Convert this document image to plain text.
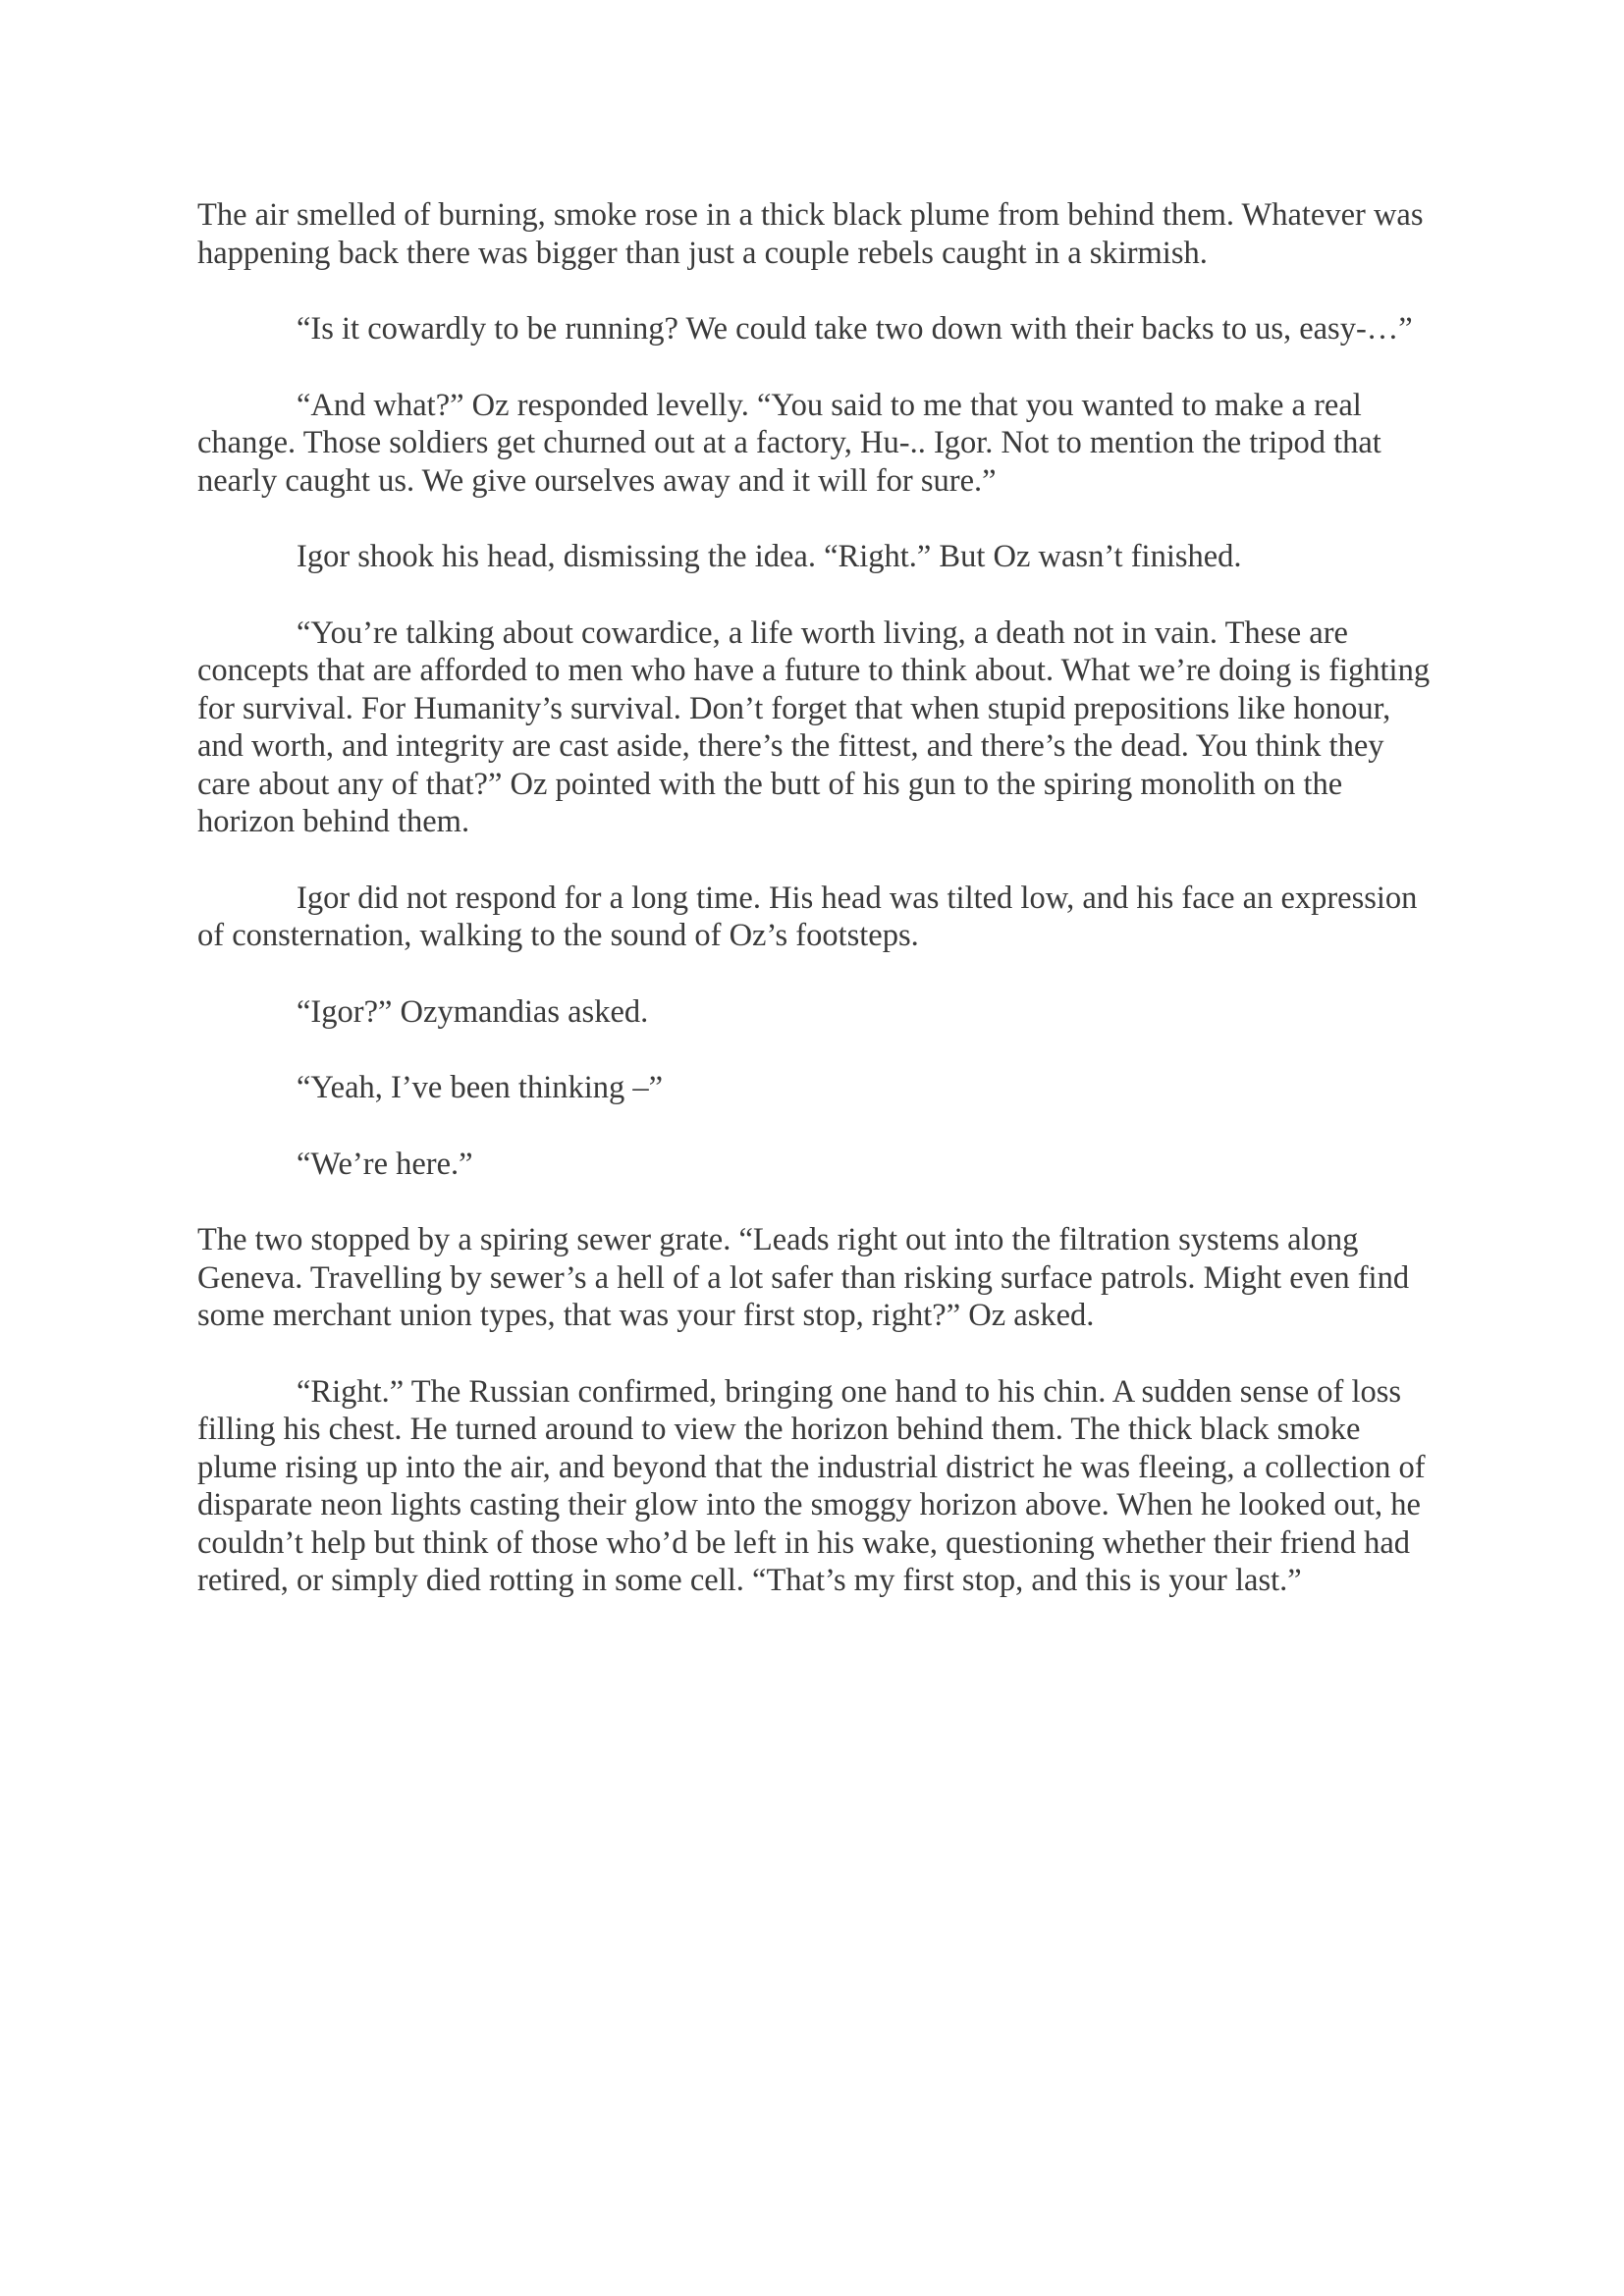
The air smelled of burning, smoke rose in a thick black plume from behind them. Whatever was happening back there was bigger than just a couple rebels caught in a skirmish.

“Is it cowardly to be running? We could take two down with their backs to us, easy-…”

“And what?” Oz responded levelly. “You said to me that you wanted to make a real change. Those soldiers get churned out at a factory, Hu-.. Igor. Not to mention the tripod that nearly caught us. We give ourselves away and it will for sure.”

Igor shook his head, dismissing the idea. “Right.” But Oz wasn’t finished.

“You’re talking about cowardice, a life worth living, a death not in vain. These are concepts that are afforded to men who have a future to think about. What we’re doing is fighting for survival. For Humanity’s survival. Don’t forget that when stupid prepositions like honour, and worth, and integrity are cast aside, there’s the fittest, and there’s the dead. You think they care about any of that?” Oz pointed with the butt of his gun to the spiring monolith on the horizon behind them.

Igor did not respond for a long time. His head was tilted low, and his face an expression of consternation, walking to the sound of Oz’s footsteps.

“Igor?” Ozymandias asked.

“Yeah, I’ve been thinking –”

“We’re here.”

The two stopped by a spiring sewer grate. “Leads right out into the filtration systems along Geneva. Travelling by sewer’s a hell of a lot safer than risking surface patrols. Might even find some merchant union types, that was your first stop, right?” Oz asked.

“Right.” The Russian confirmed, bringing one hand to his chin. A sudden sense of loss filling his chest. He turned around to view the horizon behind them. The thick black smoke plume rising up into the air, and beyond that the industrial district he was fleeing, a collection of disparate neon lights casting their glow into the smoggy horizon above. When he looked out, he couldn’t help but think of those who’d be left in his wake, questioning whether their friend had retired, or simply died rotting in some cell. “That’s my first stop, and this is your last.”
